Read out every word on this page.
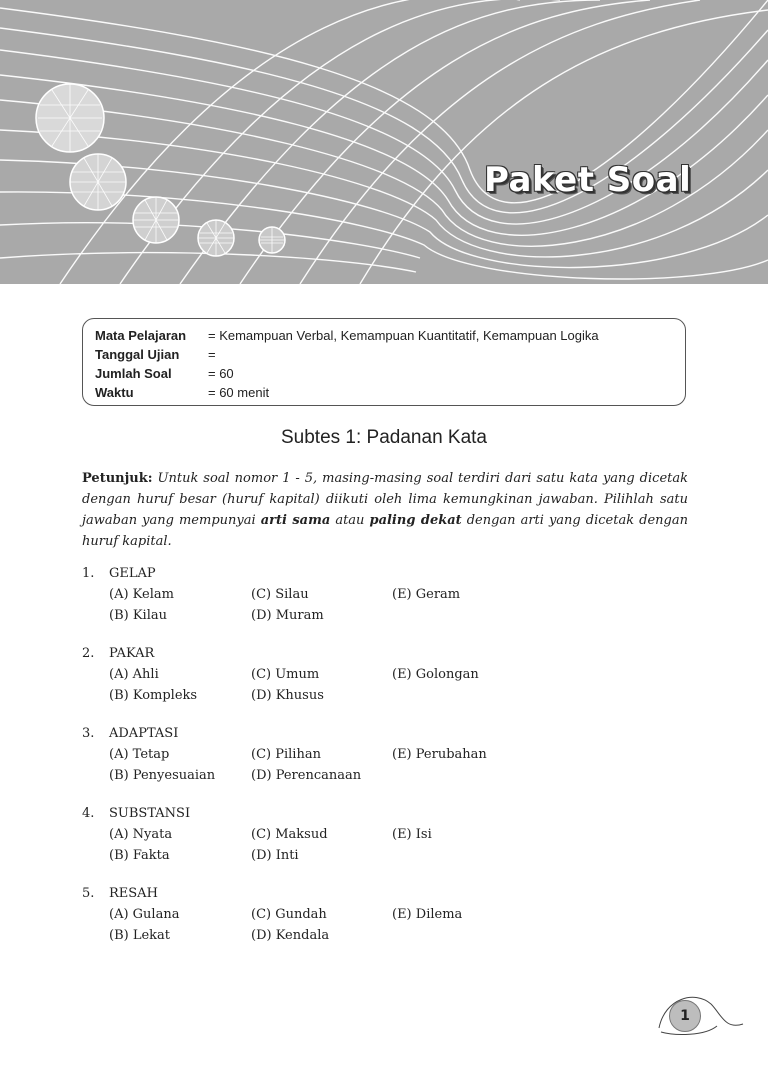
Paket Soal
Mata Pelajaran	= Kemampuan Verbal, Kemampuan Kuantitatif, Kemampuan Logika
Tanggal Ujian	=
Jumlah Soal	= 60
Waktu	= 60 menit
Subtes 1: Padanan Kata
Petunjuk: Untuk soal nomor 1 - 5, masing-masing soal terdiri dari satu kata yang dicetak dengan huruf besar (huruf kapital) diikuti oleh lima kemungkinan jawaban. Pilihlah satu jawaban yang mempunyai arti sama atau paling dekat dengan arti yang dicetak dengan huruf kapital.
1. GELAP
(A) Kelam
(B) Kilau
(C) Silau
(D) Muram
(E) Geram
2. PAKAR
(A) Ahli
(B) Kompleks
(C) Umum
(D) Khusus
(E) Golongan
3. ADAPTASI
(A) Tetap
(B) Penyesuaian
(C) Pilihan
(D) Perencanaan
(E) Perubahan
4. SUBSTANSI
(A) Nyata
(B) Fakta
(C) Maksud
(D) Inti
(E) Isi
5. RESAH
(A) Gulana
(B) Lekat
(C) Gundah
(D) Kendala
(E) Dilema
1
